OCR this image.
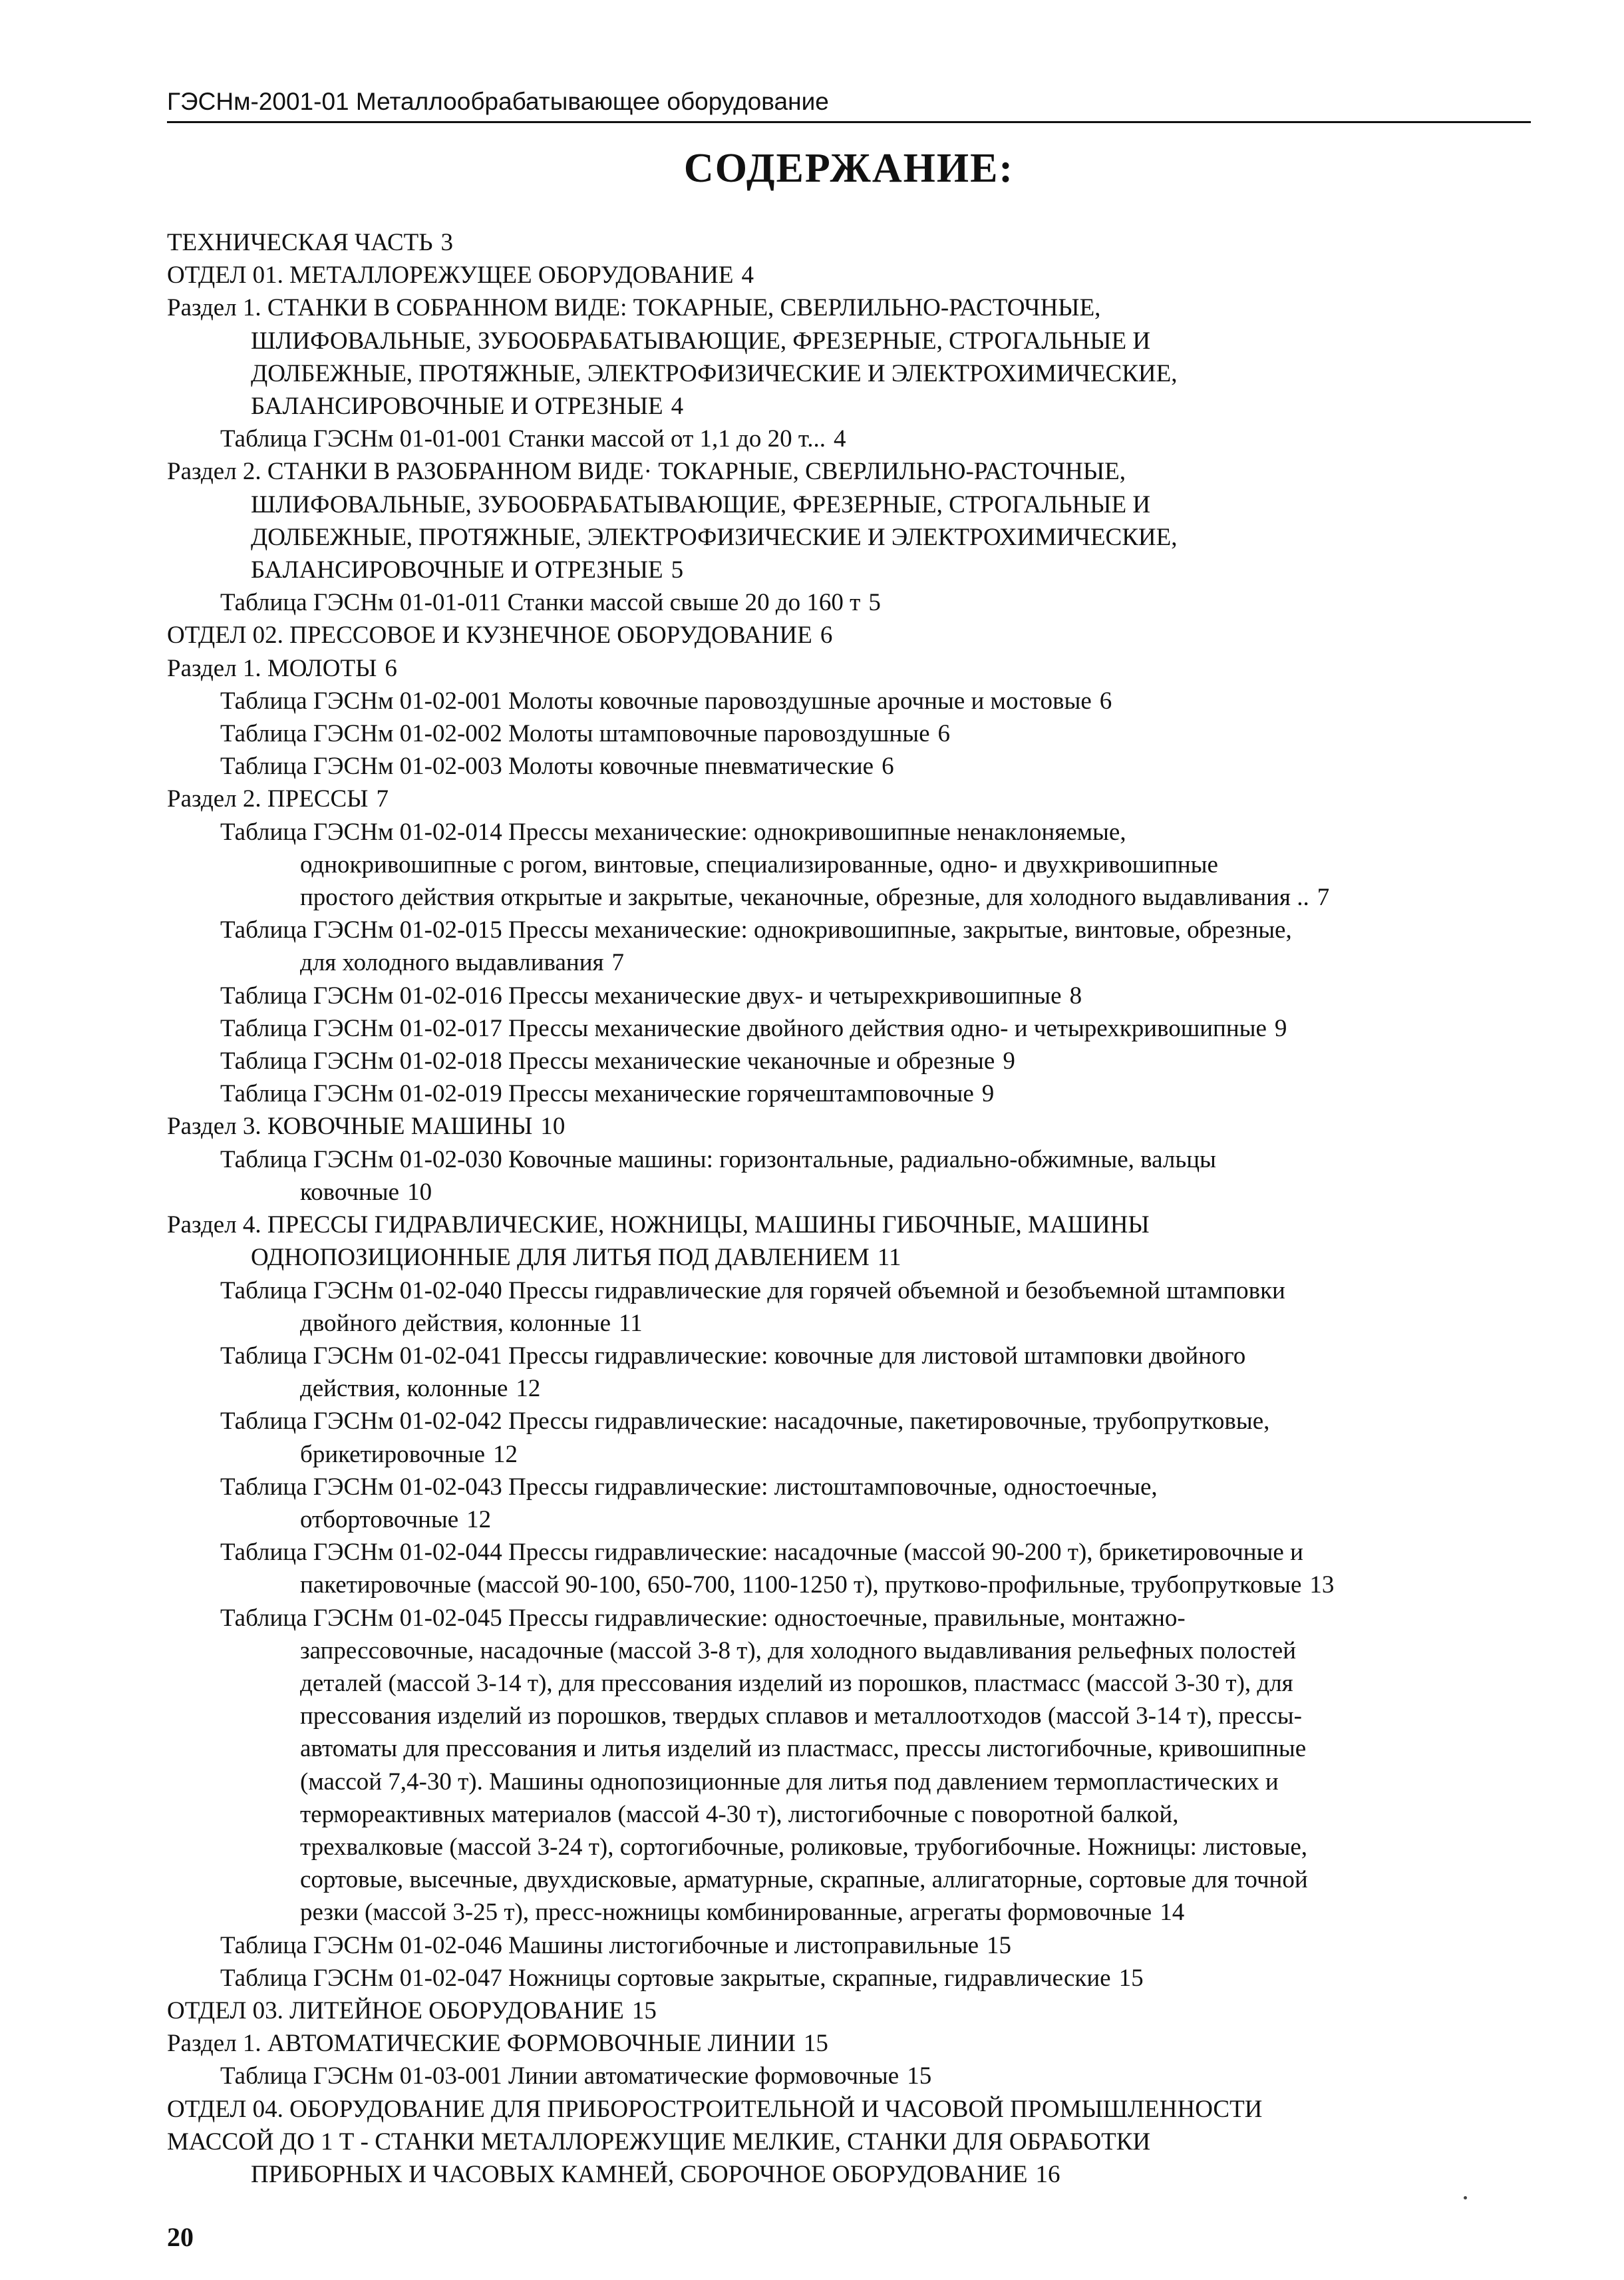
ГЭСНм-2001-01 Металлообрабатывающее оборудование
СОДЕРЖАНИЕ:
ТЕХНИЧЕСКАЯ ЧАСТЬ 3
ОТДЕЛ 01. МЕТАЛЛОРЕЖУЩЕЕ ОБОРУДОВАНИЕ 4
Раздел 1. СТАНКИ В СОБРАННОМ ВИДЕ: ТОКАРНЫЕ, СВЕРЛИЛЬНО-РАСТОЧНЫЕ,
ШЛИФОВАЛЬНЫЕ, ЗУБООБРАБАТЫВАЮЩИЕ, ФРЕЗЕРНЫЕ, СТРОГАЛЬНЫЕ И
ДОЛБЕЖНЫЕ, ПРОТЯЖНЫЕ, ЭЛЕКТРОФИЗИЧЕСКИЕ И ЭЛЕКТРОХИМИЧЕСКИЕ,
БАЛАНСИРОВОЧНЫЕ И ОТРЕЗНЫЕ 4
Таблица ГЭСНм 01-01-001 Станки массой от 1,1 до 20 т... 4
Раздел 2. СТАНКИ В РАЗОБРАННОМ ВИДЕ· ТОКАРНЫЕ, СВЕРЛИЛЬНО-РАСТОЧНЫЕ,
ШЛИФОВАЛЬНЫЕ, ЗУБООБРАБАТЫВАЮЩИЕ, ФРЕЗЕРНЫЕ, СТРОГАЛЬНЫЕ И
ДОЛБЕЖНЫЕ, ПРОТЯЖНЫЕ, ЭЛЕКТРОФИЗИЧЕСКИЕ И ЭЛЕКТРОХИМИЧЕСКИЕ,
БАЛАНСИРОВОЧНЫЕ И ОТРЕЗНЫЕ 5
Таблица ГЭСНм 01-01-011 Станки массой свыше 20 до 160 т 5
ОТДЕЛ 02. ПРЕССОВОЕ И КУЗНЕЧНОЕ ОБОРУДОВАНИЕ 6
Раздел 1. МОЛОТЫ 6
Таблица ГЭСНм 01-02-001 Молоты ковочные паровоздушные арочные и мостовые 6
Таблица ГЭСНм 01-02-002 Молоты штамповочные паровоздушные 6
Таблица ГЭСНм 01-02-003 Молоты ковочные пневматические 6
Раздел 2. ПРЕССЫ 7
Таблица ГЭСНм 01-02-014 Прессы механические: однокривошипные ненаклоняемые,
однокривошипные с рогом, винтовые, специализированные, одно- и двухкривошипные
простого действия открытые и закрытые, чеканочные, обрезные, для холодного выдавливания .. 7
Таблица ГЭСНм 01-02-015 Прессы механические: однокривошипные, закрытые, винтовые, обрезные,
для холодного выдавливания 7
Таблица ГЭСНм 01-02-016 Прессы механические двух- и четырехкривошипные 8
Таблица ГЭСНм 01-02-017 Прессы механические двойного действия одно- и четырехкривошипные 9
Таблица ГЭСНм 01-02-018 Прессы механические чеканочные и обрезные 9
Таблица ГЭСНм 01-02-019 Прессы механические горячештамповочные 9
Раздел 3. КОВОЧНЫЕ МАШИНЫ 10
Таблица ГЭСНм 01-02-030 Ковочные машины: горизонтальные, радиально-обжимные, вальцы
ковочные 10
Раздел 4. ПРЕССЫ ГИДРАВЛИЧЕСКИЕ, НОЖНИЦЫ, МАШИНЫ ГИБОЧНЫЕ, МАШИНЫ
ОДНОПОЗИЦИОННЫЕ ДЛЯ ЛИТЬЯ ПОД ДАВЛЕНИЕМ 11
Таблица ГЭСНм 01-02-040 Прессы гидравлические для горячей объемной и безобъемной штамповки
двойного действия, колонные 11
Таблица ГЭСНм 01-02-041 Прессы гидравлические: ковочные для листовой штамповки двойного
действия, колонные 12
Таблица ГЭСНм 01-02-042 Прессы гидравлические: насадочные, пакетировочные, трубопрутковые,
брикетировочные 12
Таблица ГЭСНм 01-02-043 Прессы гидравлические: листоштамповочные, одностоечные,
отбортовочные 12
Таблица ГЭСНм 01-02-044 Прессы гидравлические: насадочные (массой 90-200 т), брикетировочные и
пакетировочные (массой 90-100, 650-700, 1100-1250 т), прутково-профильные, трубопрутковые 13
Таблица ГЭСНм 01-02-045 Прессы гидравлические: одностоечные, правильные, монтажно-
запрессовочные, насадочные (массой 3-8 т), для холодного выдавливания рельефных полостей
деталей (массой 3-14 т), для прессования изделий из порошков, пластмасс (массой 3-30 т), для
прессования изделий из порошков, твердых сплавов и металлоотходов (массой 3-14 т), прессы-
автоматы для прессования и литья изделий из пластмасс, прессы листогибочные, кривошипные
(массой 7,4-30 т). Машины однопозиционные для литья под давлением термопластических и
термореактивных материалов (массой 4-30 т), листогибочные с поворотной балкой,
трехвалковые (массой 3-24 т), сортогибочные, роликовые, трубогибочные. Ножницы: листовые,
сортовые, высечные, двухдисковые, арматурные, скрапные, аллигаторные, сортовые для точной
резки (массой 3-25 т), пресс-ножницы комбинированные, агрегаты формовочные 14
Таблица ГЭСНм 01-02-046 Машины листогибочные и листоправильные 15
Таблица ГЭСНм 01-02-047 Ножницы сортовые закрытые, скрапные, гидравлические 15
ОТДЕЛ 03. ЛИТЕЙНОЕ ОБОРУДОВАНИЕ 15
Раздел 1. АВТОМАТИЧЕСКИЕ ФОРМОВОЧНЫЕ ЛИНИИ 15
Таблица ГЭСНм 01-03-001 Линии автоматические формовочные 15
ОТДЕЛ 04. ОБОРУДОВАНИЕ ДЛЯ ПРИБОРОСТРОИТЕЛЬНОЙ И ЧАСОВОЙ ПРОМЫШЛЕННОСТИ
МАССОЙ ДО 1 Т - СТАНКИ МЕТАЛЛОРЕЖУЩИЕ МЕЛКИЕ, СТАНКИ ДЛЯ ОБРАБОТКИ
ПРИБОРНЫХ И ЧАСОВЫХ КАМНЕЙ, СБОРОЧНОЕ ОБОРУДОВАНИЕ 16
20
